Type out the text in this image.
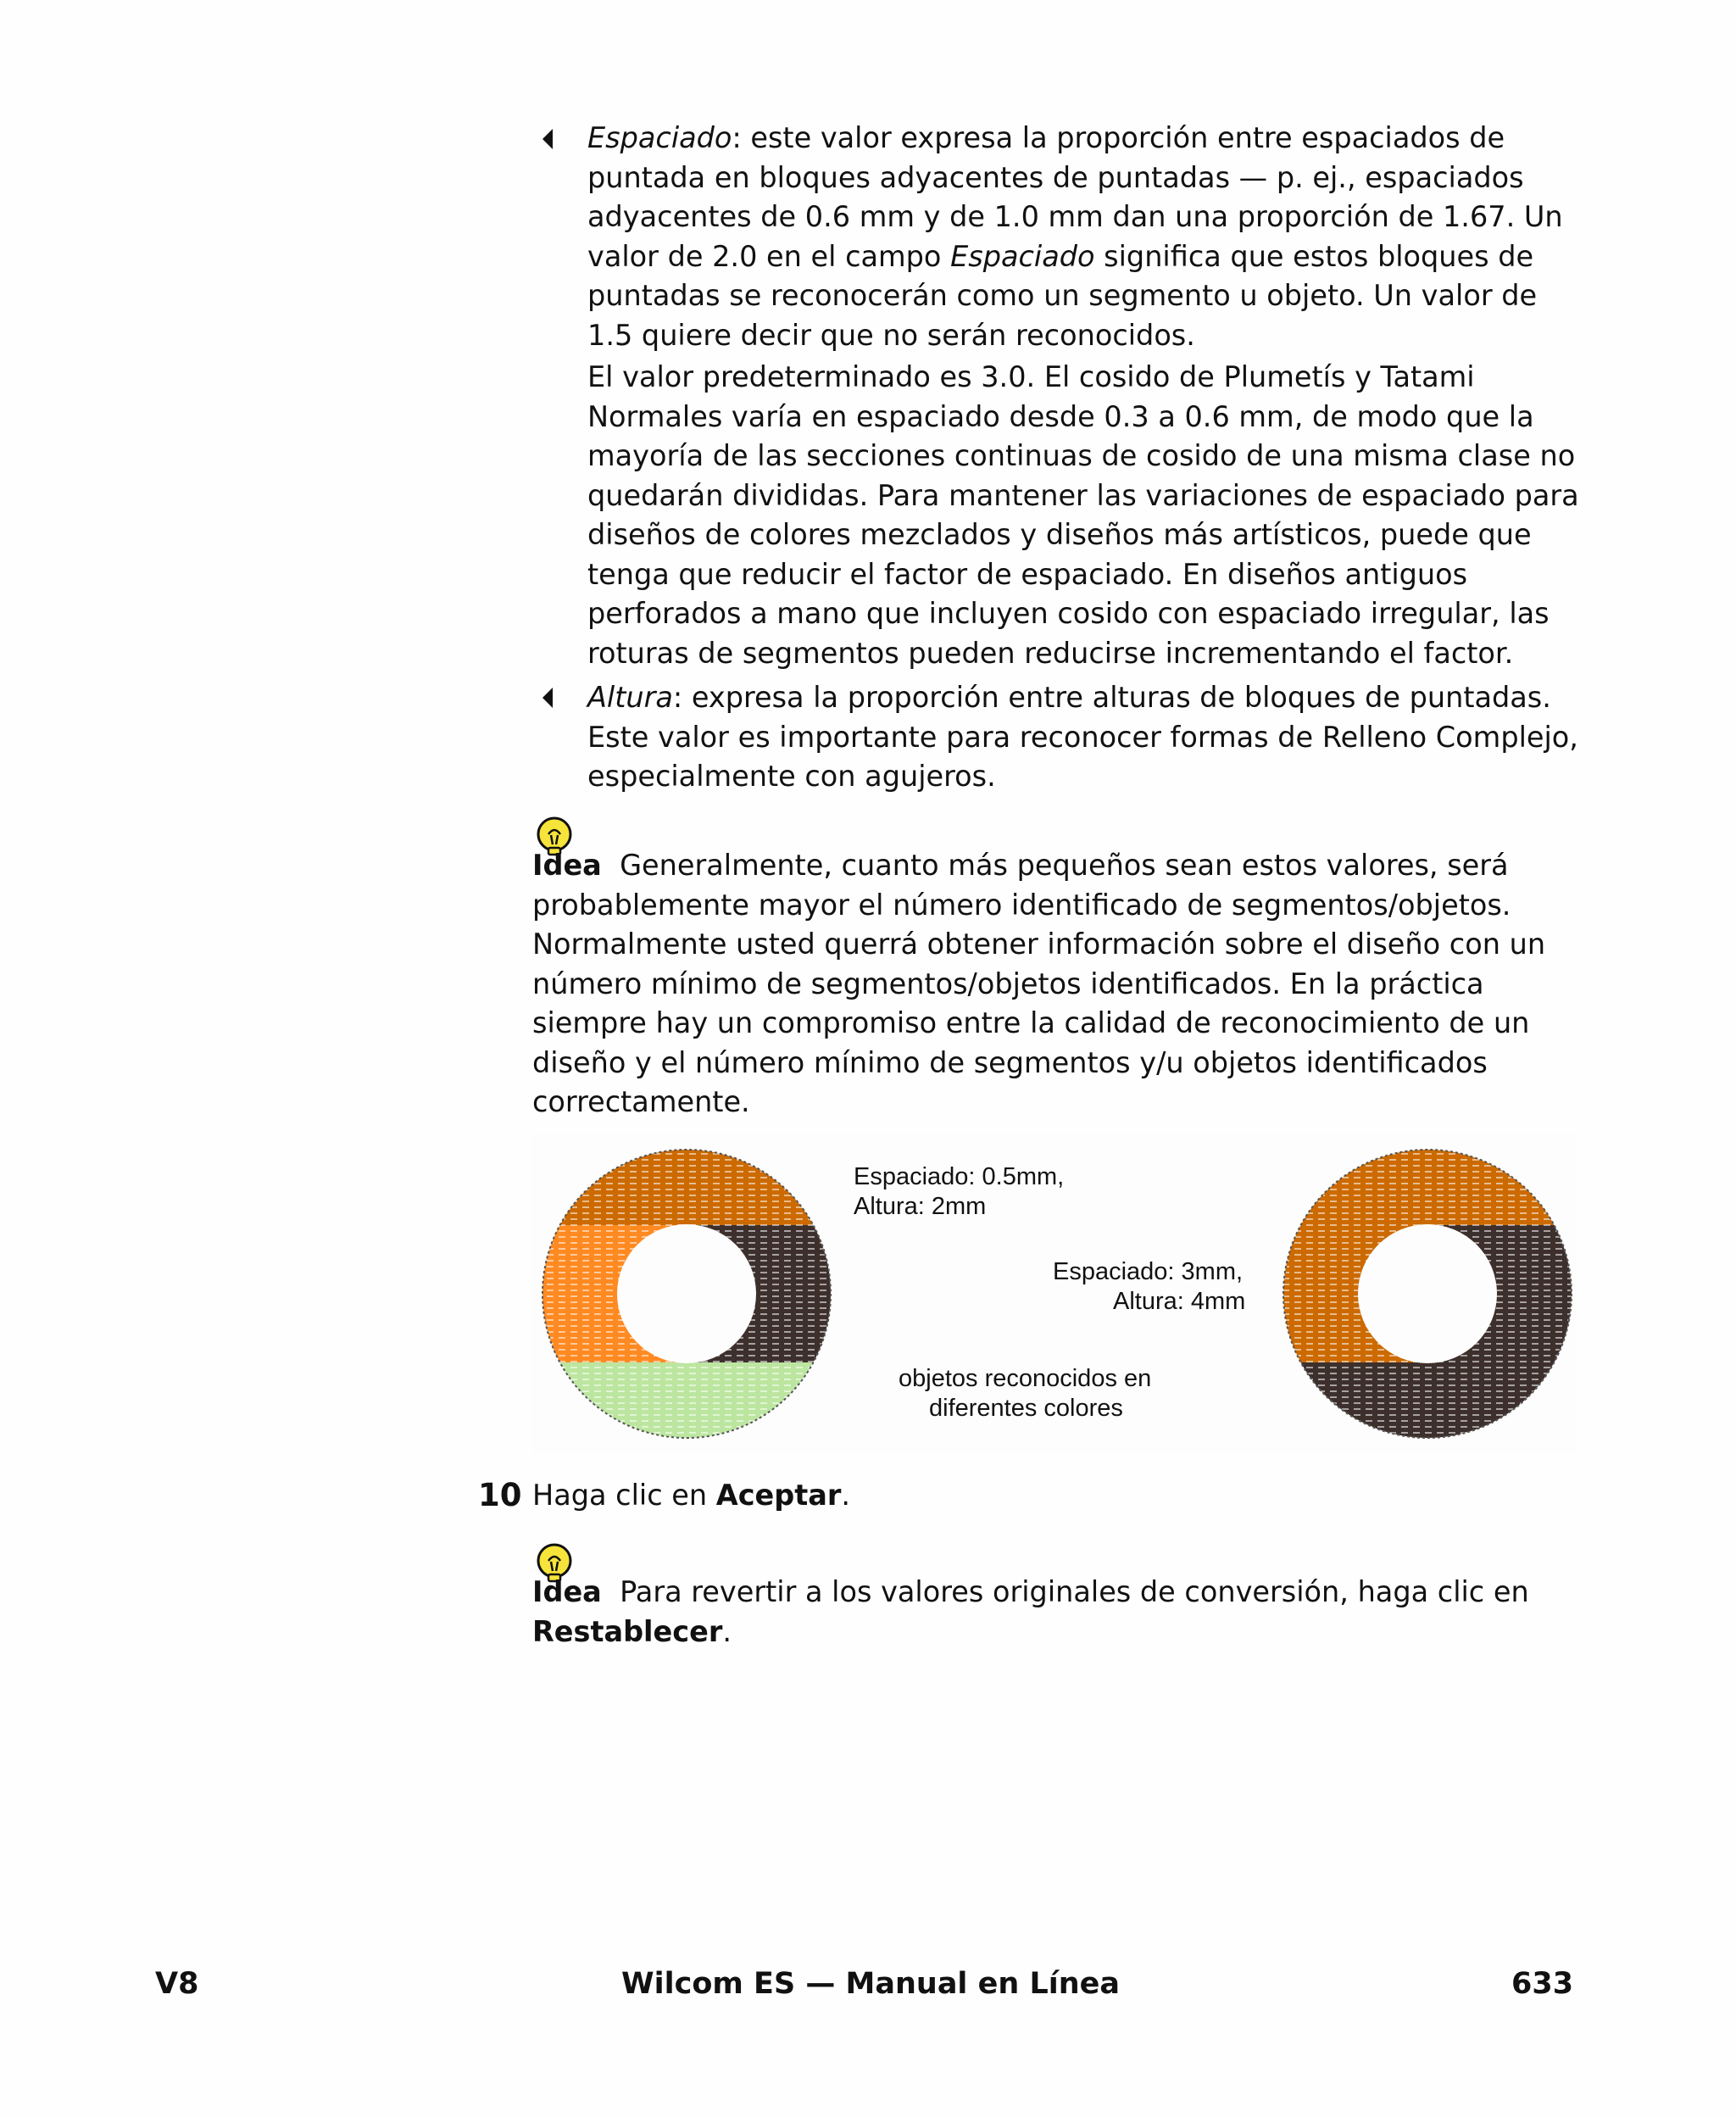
Espaciado: este valor expresa la proporción entre espaciados de puntada en bloques adyacentes de puntadas — p. ej., espaciados adyacentes de 0.6 mm y de 1.0 mm dan una proporción de 1.67. Un valor de 2.0 en el campo Espaciado significa que estos bloques de puntadas se reconocerán como un segmento u objeto. Un valor de 1.5 quiere decir que no serán reconocidos.

El valor predeterminado es 3.0. El cosido de Plumetís y Tatami Normales varía en espaciado desde 0.3 a 0.6 mm, de modo que la mayoría de las secciones continuas de cosido de una misma clase no quedarán divididas. Para mantener las variaciones de espaciado para diseños de colores mezclados y diseños más artísticos, puede que tenga que reducir el factor de espaciado. En diseños antiguos perforados a mano que incluyen cosido con espaciado irregular, las roturas de segmentos pueden reducirse incrementando el factor.

Altura: expresa la proporción entre alturas de bloques de puntadas. Este valor es importante para reconocer formas de Relleno Complejo, especialmente con agujeros.

Idea Generalmente, cuanto más pequeños sean estos valores, será probablemente mayor el número identificado de segmentos/objetos. Normalmente usted querrá obtener información sobre el diseño con un número mínimo de segmentos/objetos identificados. En la práctica siempre hay un compromiso entre la calidad de reconocimiento de un diseño y el número mínimo de segmentos y/u objetos identificados correctamente.

Espaciado: 0.5mm,
Altura: 2mm
Espaciado: 3mm,
Altura: 4mm
objetos reconocidos en
diferentes colores
10 Haga clic en Aceptar.

Idea Para revertir a los valores originales de conversión, haga clic en Restablecer.

V8	Wilcom ES — Manual en Línea	633
